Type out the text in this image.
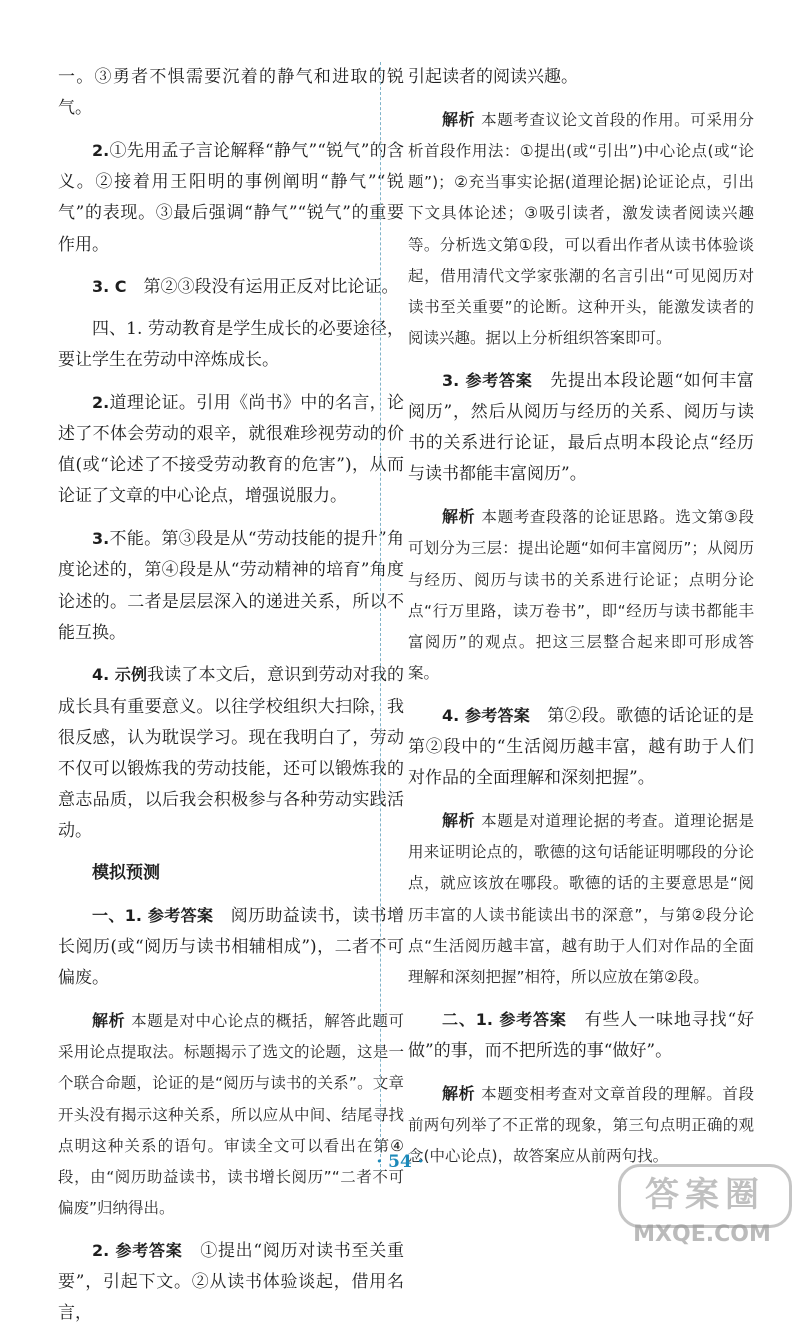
一。③勇者不惧需要沉着的静气和进取的锐气。

2.①先用孟子言论解释“静气”“锐气”的含义。②接着用王阳明的事例阐明“静气”“锐气”的表现。③最后强调“静气”“锐气”的重要作用。

3. C　第②③段没有运用正反对比论证。

四、1. 劳动教育是学生成长的必要途径，要让学生在劳动中淬炼成长。

2.道理论证。引用《尚书》中的名言，论述了不体会劳动的艰辛，就很难珍视劳动的价值(或“论述了不接受劳动教育的危害”)，从而论证了文章的中心论点，增强说服力。

3.不能。第③段是从“劳动技能的提升”角度论述的，第④段是从“劳动精神的培育”角度论述的。二者是层层深入的递进关系，所以不能互换。

4. 示例我读了本文后，意识到劳动对我的成长具有重要意义。以往学校组织大扫除，我很反感，认为耽误学习。现在我明白了，劳动不仅可以锻炼我的劳动技能，还可以锻炼我的意志品质，以后我会积极参与各种劳动实践活动。

模拟预测

一、1. 参考答案　阅历助益读书，读书增长阅历(或“阅历与读书相辅相成”)，二者不可偏废。

解析 本题是对中心论点的概括，解答此题可采用论点提取法。标题揭示了选文的论题，这是一个联合命题，论证的是“阅历与读书的关系”。文章开头没有揭示这种关系，所以应从中间、结尾寻找点明这种关系的语句。审读全文可以看出在第④段，由“阅历助益读书，读书增长阅历”“二者不可偏废”归纳得出。

2. 参考答案　①提出“阅历对读书至关重要”，引起下文。②从读书体验谈起，借用名言，

引起读者的阅读兴趣。

解析 本题考查议论文首段的作用。可采用分析首段作用法：①提出(或“引出”)中心论点(或“论题”)；②充当事实论据(道理论据)论证论点，引出下文具体论述；③吸引读者，激发读者阅读兴趣等。分析选文第①段，可以看出作者从读书体验谈起，借用清代文学家张潮的名言引出“可见阅历对读书至关重要”的论断。这种开头，能激发读者的阅读兴趣。据以上分析组织答案即可。

3. 参考答案　先提出本段论题“如何丰富阅历”，然后从阅历与经历的关系、阅历与读书的关系进行论证，最后点明本段论点“经历与读书都能丰富阅历”。

解析 本题考查段落的论证思路。选文第③段可划分为三层：提出论题“如何丰富阅历”；从阅历与经历、阅历与读书的关系进行论证；点明分论点“行万里路，读万卷书”，即“经历与读书都能丰富阅历”的观点。把这三层整合起来即可形成答案。

4. 参考答案　第②段。歌德的话论证的是第②段中的“生活阅历越丰富，越有助于人们对作品的全面理解和深刻把握”。

解析 本题是对道理论据的考查。道理论据是用来证明论点的，歌德的这句话能证明哪段的分论点，就应该放在哪段。歌德的话的主要意思是“阅历丰富的人读书能读出书的深意”，与第②段分论点“生活阅历越丰富，越有助于人们对作品的全面理解和深刻把握”相符，所以应放在第②段。

二、1. 参考答案　有些人一味地寻找“好做”的事，而不把所选的事“做好”。

解析 本题变相考查对文章首段的理解。首段前两句列举了不正常的现象，第三句点明正确的观念(中心论点)，故答案应从前两句找。

· 54 ·
答案圈
MXQE.COM
